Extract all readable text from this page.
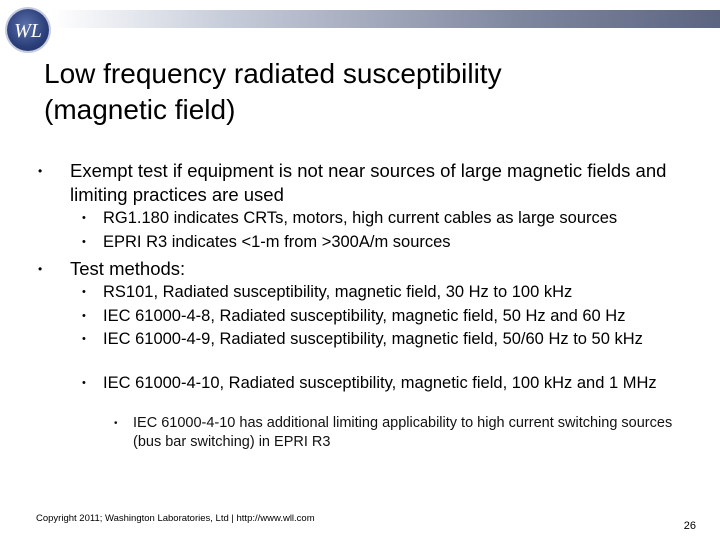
WL
Low frequency radiated susceptibility
(magnetic field)
• Exempt test if equipment is not near sources of large magnetic fields and limiting practices are used
• RG1.180 indicates CRTs, motors, high current cables as large sources
• EPRI R3 indicates <1-m from >300A/m sources
• Test methods:
• RS101, Radiated susceptibility, magnetic field, 30 Hz to 100 kHz
• IEC 61000-4-8, Radiated susceptibility, magnetic field, 50 Hz and 60 Hz
• IEC 61000-4-9, Radiated susceptibility, magnetic field, 50/60 Hz to 50 kHz
• IEC 61000-4-10, Radiated susceptibility, magnetic field, 100 kHz and 1 MHz
• IEC 61000-4-10 has additional limiting applicability to high current switching sources (bus bar switching) in EPRI R3
Copyright 2011; Washington Laboratories, Ltd | http://www.wll.com
26
